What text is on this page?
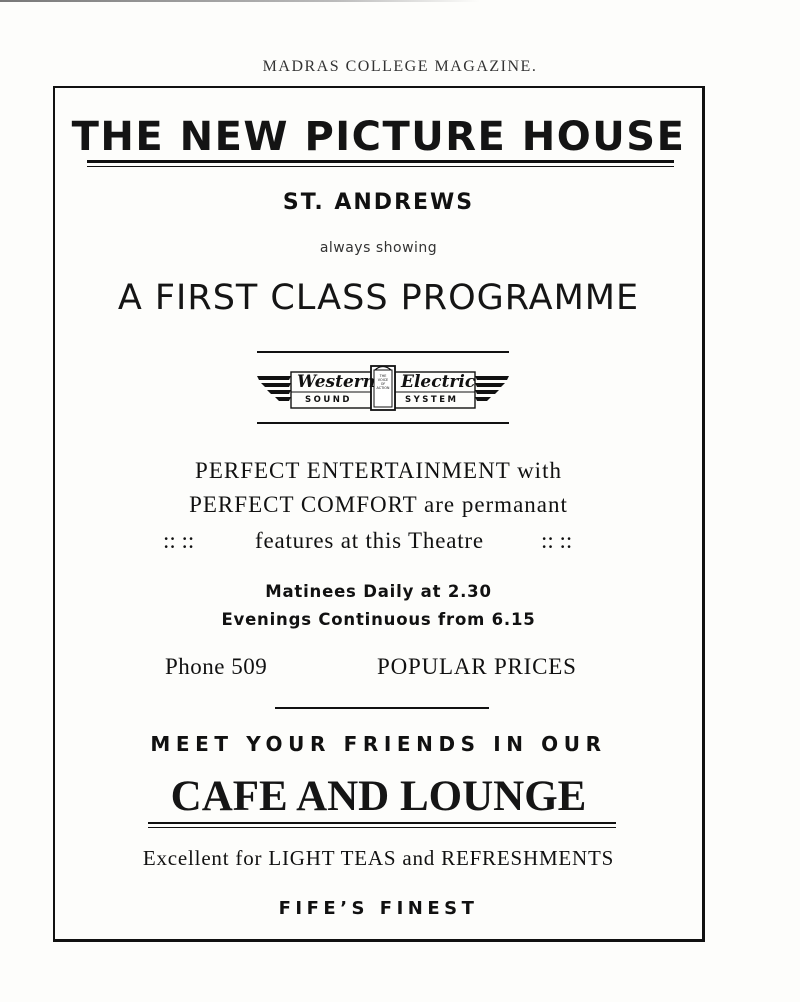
MADRAS COLLEGE MAGAZINE.
THE NEW PICTURE HOUSE
ST. ANDREWS
always showing
A FIRST CLASS PROGRAMME
Western Electric
SOUND	SYSTEM
THE
VOICE
OF
ACTION
PERFECT ENTERTAINMENT with
PERFECT COMFORT are permanant
:: ::	features at this Theatre :: ::
Matinees Daily at 2.30
Evenings Continuous from 6.15
Phone 509	POPULAR PRICES
MEET YOUR FRIENDS IN OUR
CAFE AND LOUNGE
Excellent for LIGHT TEAS and REFRESHMENTS
FIFE’S FINEST
